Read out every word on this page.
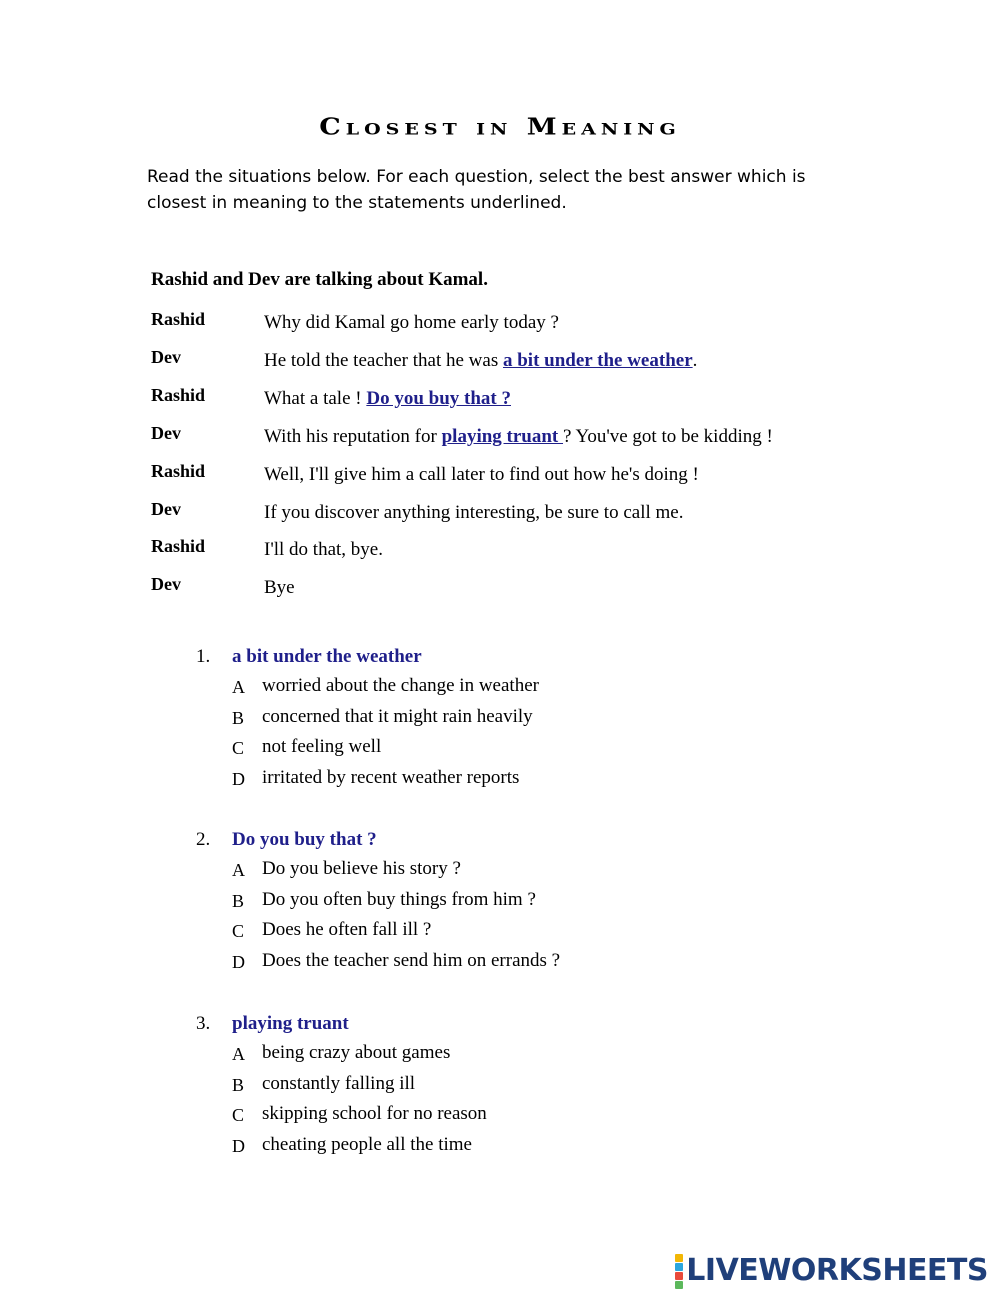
Closest in Meaning
Read the situations below. For each question, select the best answer which is closest in meaning to the statements underlined.
Rashid and Dev are talking about Kamal.
Rashid	Why did Kamal go home early today ?
Dev	He told the teacher that he was a bit under the weather.
Rashid	What a tale ! Do you buy that ?
Dev	With his reputation for playing truant ? You've got to be kidding !
Rashid	Well, I'll give him a call later to find out how he's doing !
Dev	If you discover anything interesting, be sure to call me.
Rashid	I'll do that, bye.
Dev	Bye
1. a bit under the weather
A worried about the change in weather
B concerned that it might rain heavily
C not feeling well
D irritated by recent weather reports
2. Do you buy that ?
A Do you believe his story ?
B Do you often buy things from him ?
C Does he often fall ill ?
D Does the teacher send him on errands ?
3. playing truant
A being crazy about games
B constantly falling ill
C skipping school for no reason
D cheating people all the time
LIVEWORKSHEETS
